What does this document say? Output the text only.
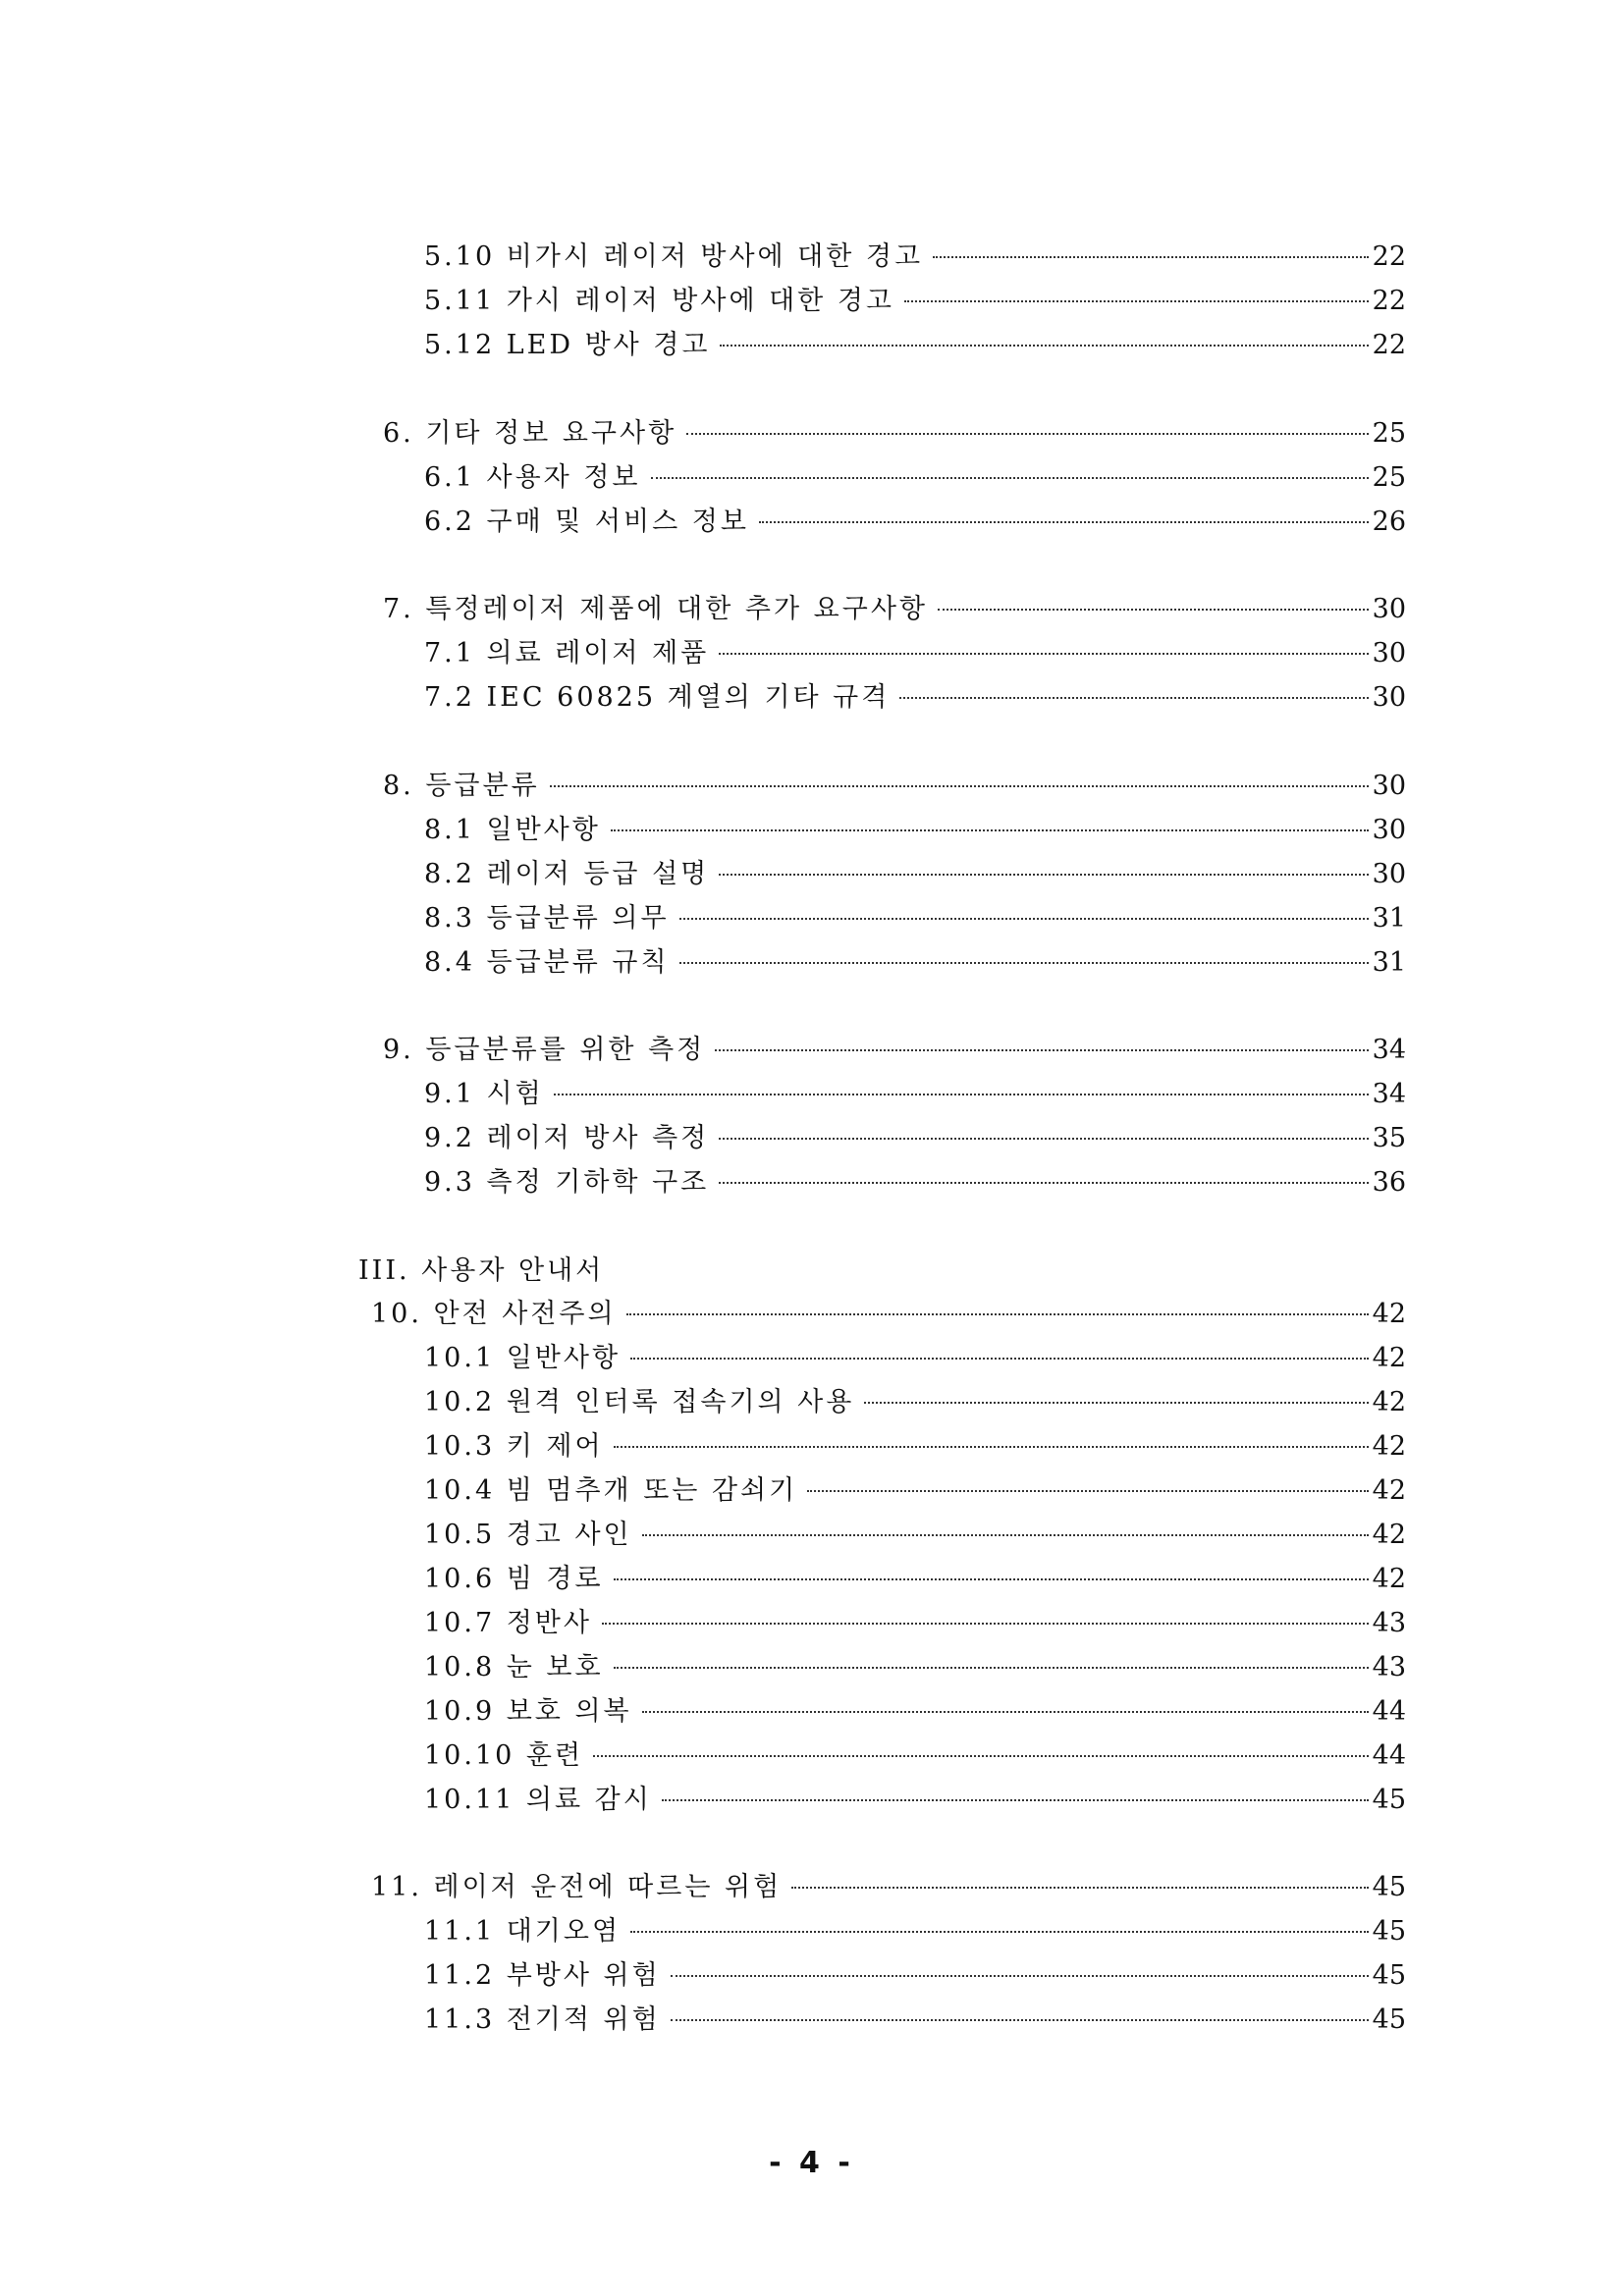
5.10 비가시 레이저 방사에 대한 경고	22
5.11 가시 레이저 방사에 대한 경고	22
5.12 LED 방사 경고	22
6. 기타 정보 요구사항	25
6.1 사용자 정보	25
6.2 구매 및 서비스 정보	26
7. 특정레이저 제품에 대한 추가 요구사항	30
7.1 의료 레이저 제품	30
7.2 IEC 60825 계열의 기타 규격	30
8. 등급분류	30
8.1 일반사항	30
8.2 레이저 등급 설명	30
8.3 등급분류 의무	31
8.4 등급분류 규칙	31
9. 등급분류를 위한 측정	34
9.1 시험	34
9.2 레이저 방사 측정	35
9.3 측정 기하학 구조	36
III. 사용자 안내서
10. 안전 사전주의	42
10.1 일반사항	42
10.2 원격 인터록 접속기의 사용	42
10.3 키 제어	42
10.4 빔 멈추개 또는 감쇠기	42
10.5 경고 사인	42
10.6 빔 경로	42
10.7 정반사	43
10.8 눈 보호	43
10.9 보호 의복	44
10.10 훈련	44
10.11 의료 감시	45
11. 레이저 운전에 따르는 위험	45
11.1 대기오염	45
11.2 부방사 위험	45
11.3 전기적 위험	45
- 4 -
